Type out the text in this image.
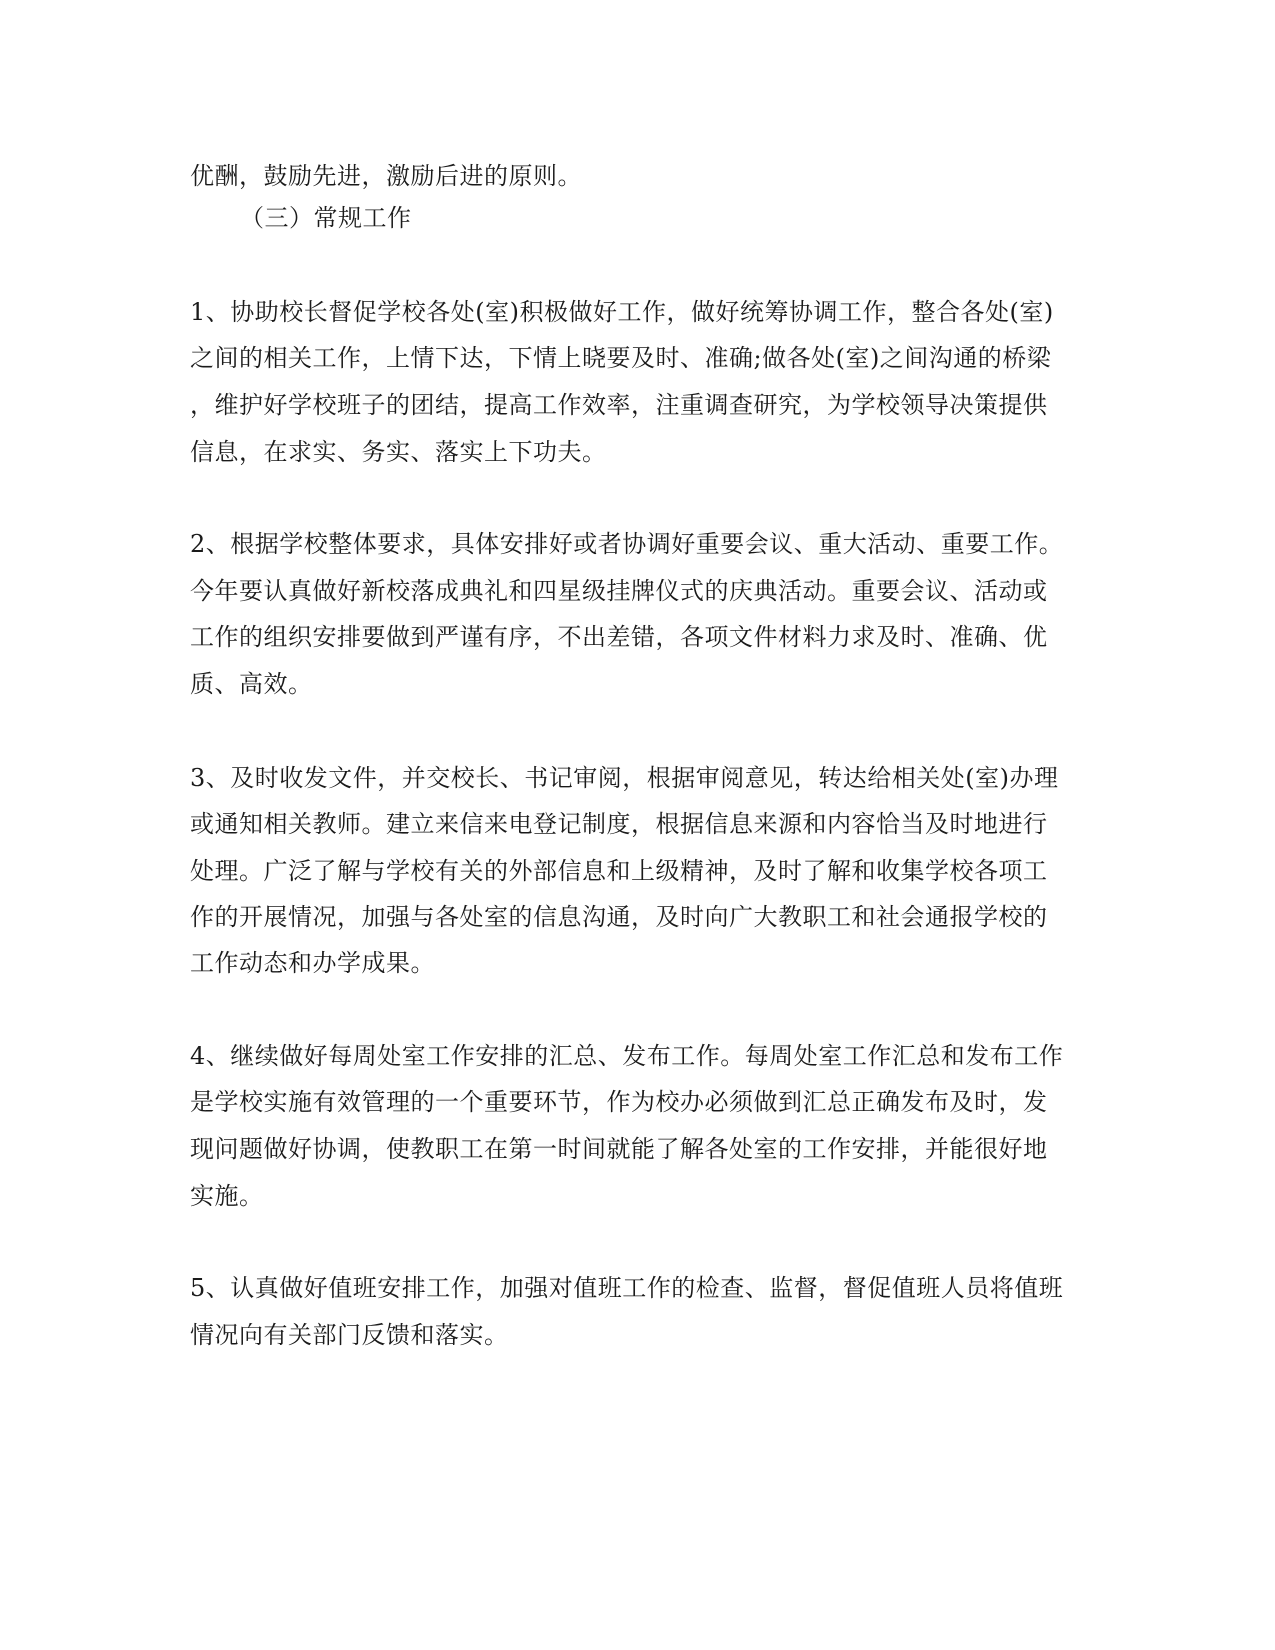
优酬，鼓励先进，激励后进的原则。
（三）常规工作
1、协助校长督促学校各处(室)积极做好工作，做好统筹协调工作，整合各处(室)
之间的相关工作，上情下达，下情上晓要及时、准确;做各处(室)之间沟通的桥梁
，维护好学校班子的团结，提高工作效率，注重调查研究，为学校领导决策提供
信息，在求实、务实、落实上下功夫。
2、根据学校整体要求，具体安排好或者协调好重要会议、重大活动、重要工作。
今年要认真做好新校落成典礼和四星级挂牌仪式的庆典活动。重要会议、活动或
工作的组织安排要做到严谨有序，不出差错，各项文件材料力求及时、准确、优
质、高效。
3、及时收发文件，并交校长、书记审阅，根据审阅意见，转达给相关处(室)办理
或通知相关教师。建立来信来电登记制度，根据信息来源和内容恰当及时地进行
处理。广泛了解与学校有关的外部信息和上级精神，及时了解和收集学校各项工
作的开展情况，加强与各处室的信息沟通，及时向广大教职工和社会通报学校的
工作动态和办学成果。
4、继续做好每周处室工作安排的汇总、发布工作。每周处室工作汇总和发布工作
是学校实施有效管理的一个重要环节，作为校办必须做到汇总正确发布及时，发
现问题做好协调，使教职工在第一时间就能了解各处室的工作安排，并能很好地
实施。
5、认真做好值班安排工作，加强对值班工作的检查、监督，督促值班人员将值班
情况向有关部门反馈和落实。
